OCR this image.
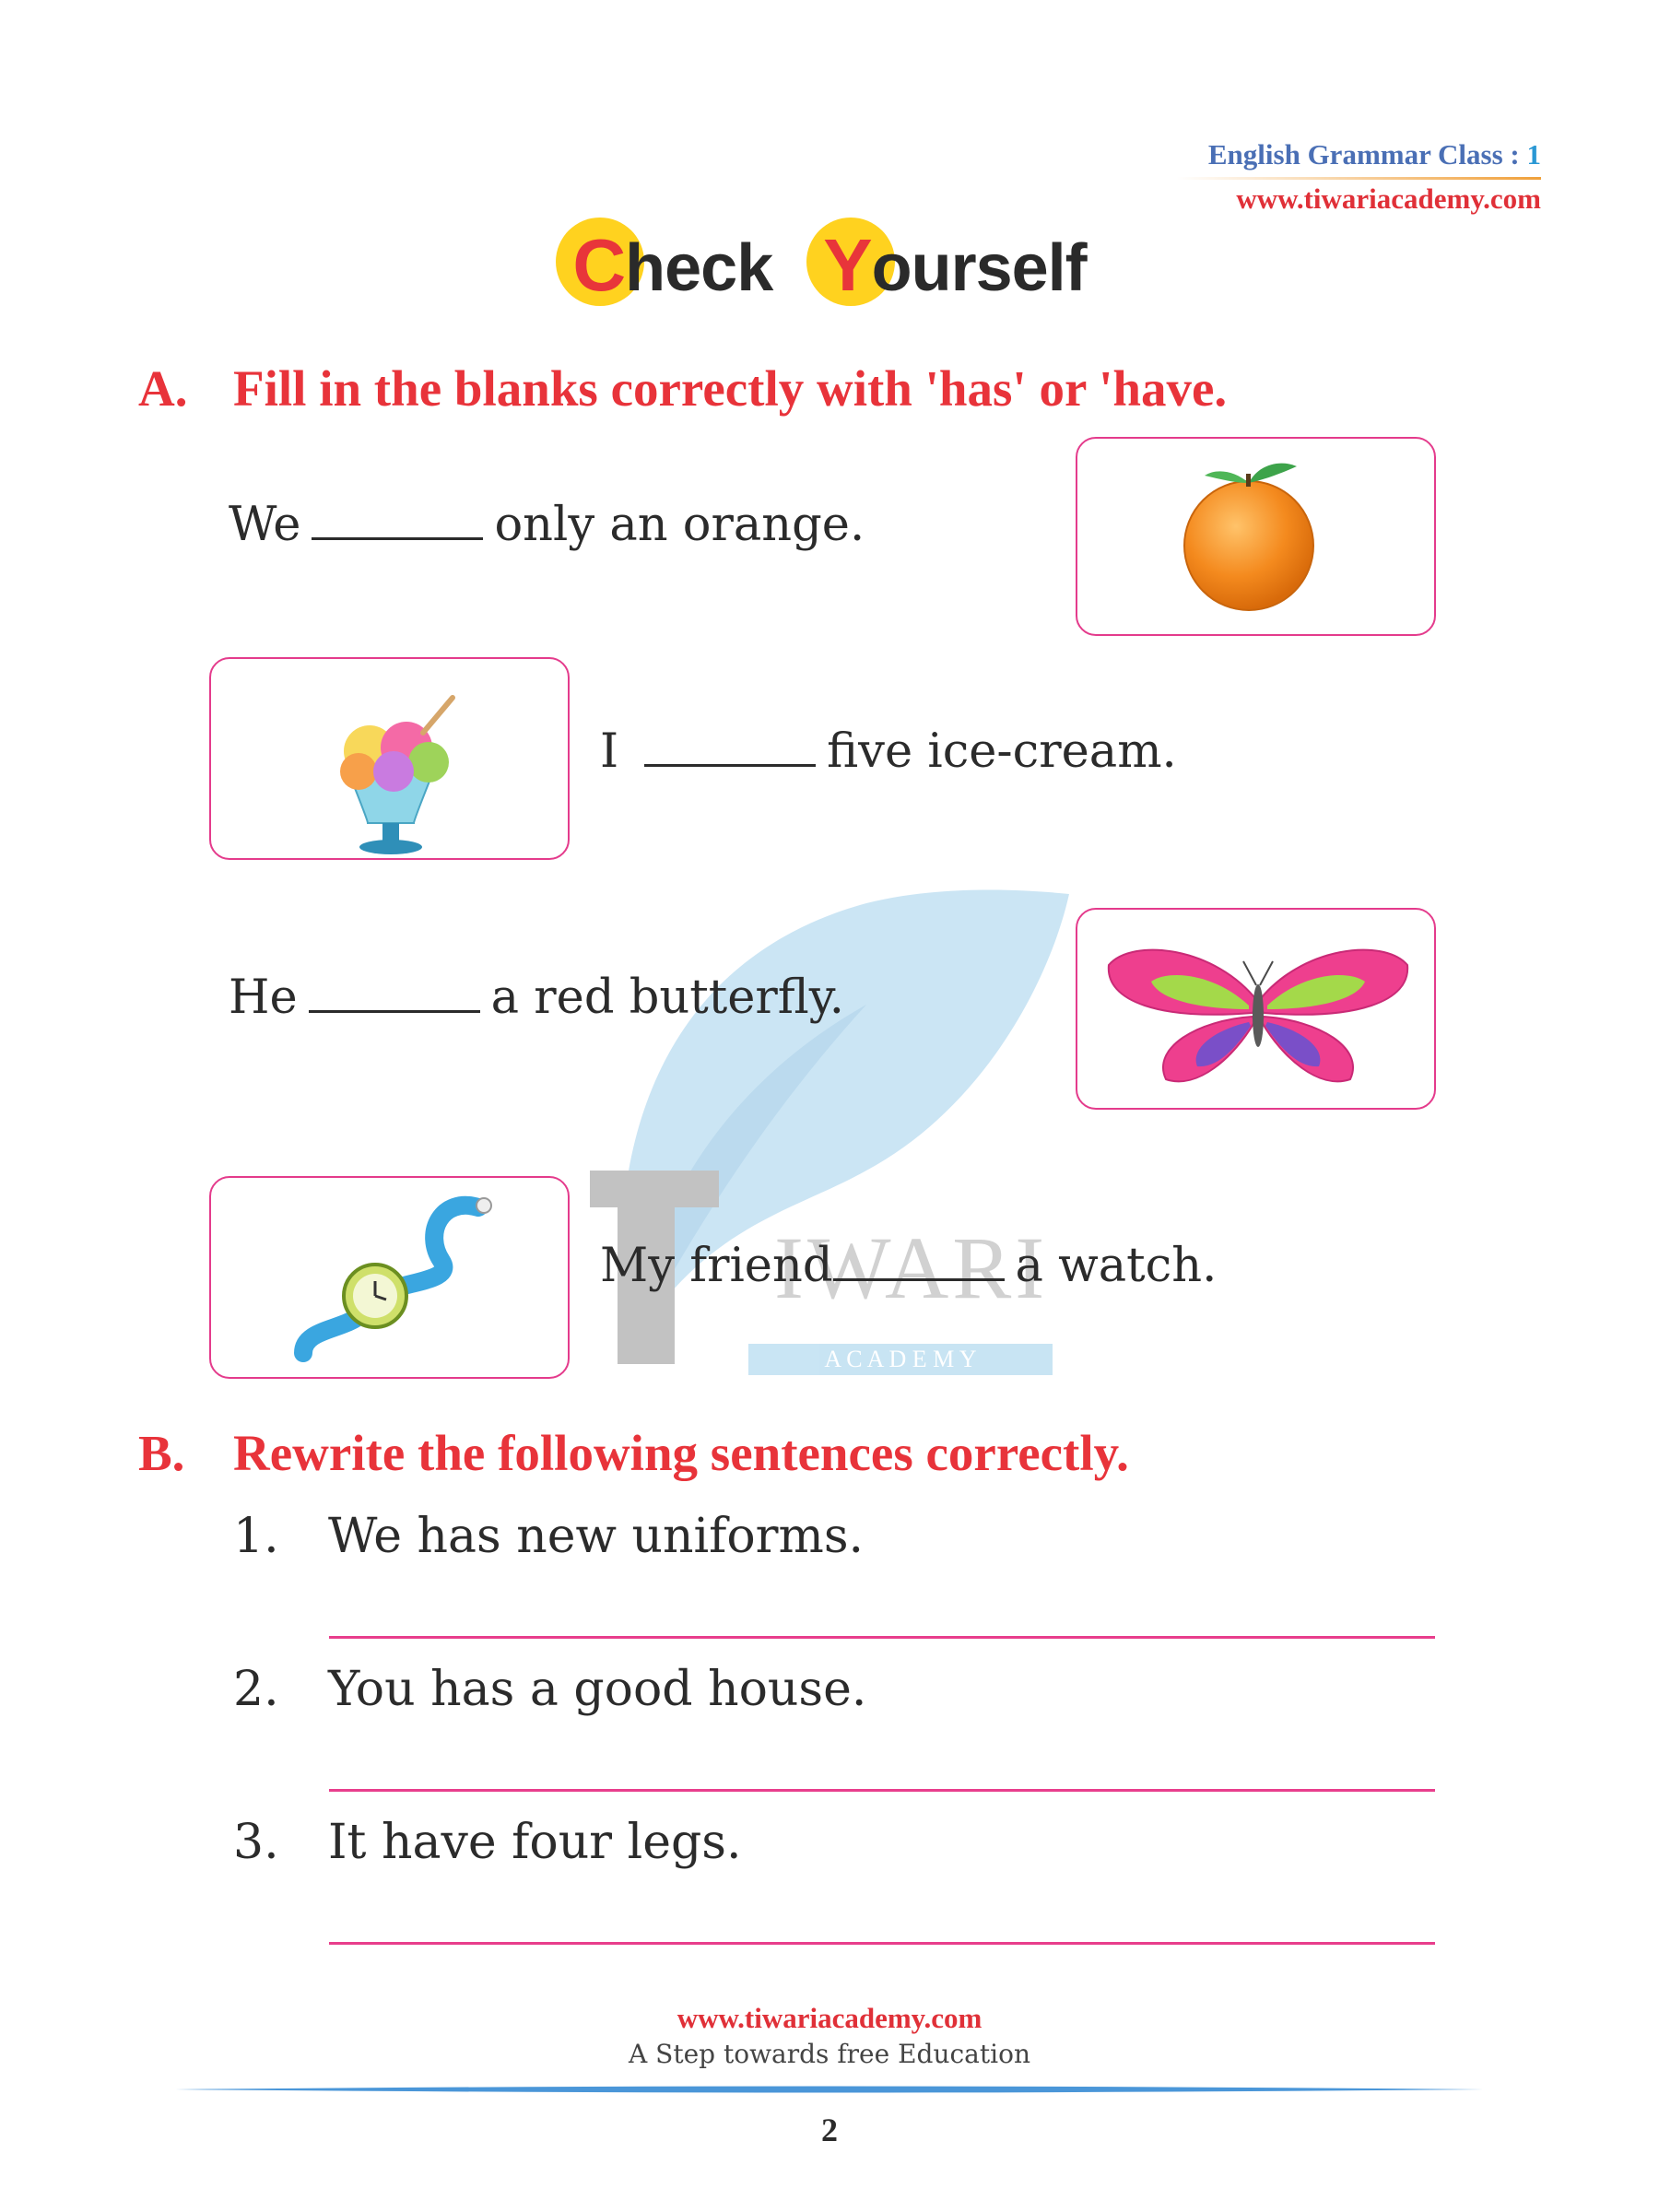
English Grammar Class : 1
www.tiwariacademy.com
IWARI
A C A D E M Y
Check Yourself
A. Fill in the blanks correctly with 'has' or 'have.
We	only an orange.
I	five ice-cream.
He	a red butterfly.
My friend	a watch.
B. Rewrite the following sentences correctly.
1. We has new uniforms.
2. You has a good house.
3. It have four legs.
www.tiwariacademy.com
A Step towards free Education
2
